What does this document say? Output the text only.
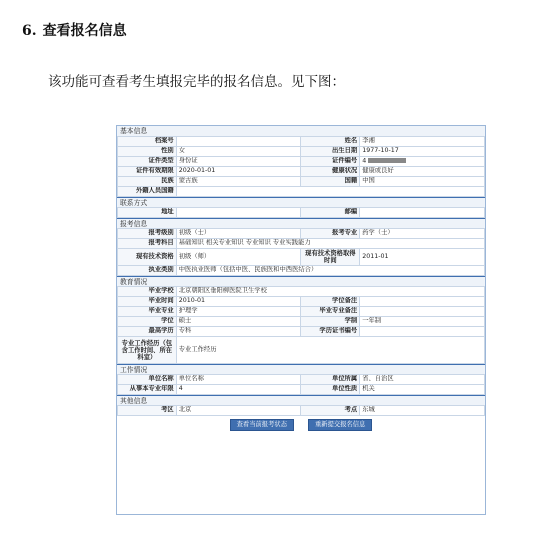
6. 查看报名信息
该功能可查看考生填报完毕的报名信息。见下图：
基本信息
档案号		姓名	李湘
性别	女	出生日期	1977-10-17
证件类型	身份证	证件编号	4
证件有效期限	2020-01-01	健康状况	健康或良好
民族	蒙古族	国籍	中国
外籍人员国籍			
联系方式
地址		邮编	
报考信息
报考级别	初级（士）	报考专业	药学（士）
报考科目	基础知识 相关专业知识 专业知识 专业实践能力		
现有技术资格	初级（师）	现有技术资格取得时间	2011-01
执业类别	中医执业医师（包括中医、民族医和中西医结合）		
教育情况
毕业学校	北京朝阳区垂阳柳医院卫生学校		
毕业时间	2010-01	学位备注	
毕业专业	护理学	毕业专业备注	
学位	硕士	学制	一年制
最高学历	专科	学历证书编号	
专业工作经历（包含工作时间、所在科室）	专业工作经历		
工作情况
单位名称	单位名称	单位所属	省、自治区
从事本专业年限	4	单位性质	机关
其他信息
考区	北京	考点	东城
查看当前报考状态	重新提交报名信息
